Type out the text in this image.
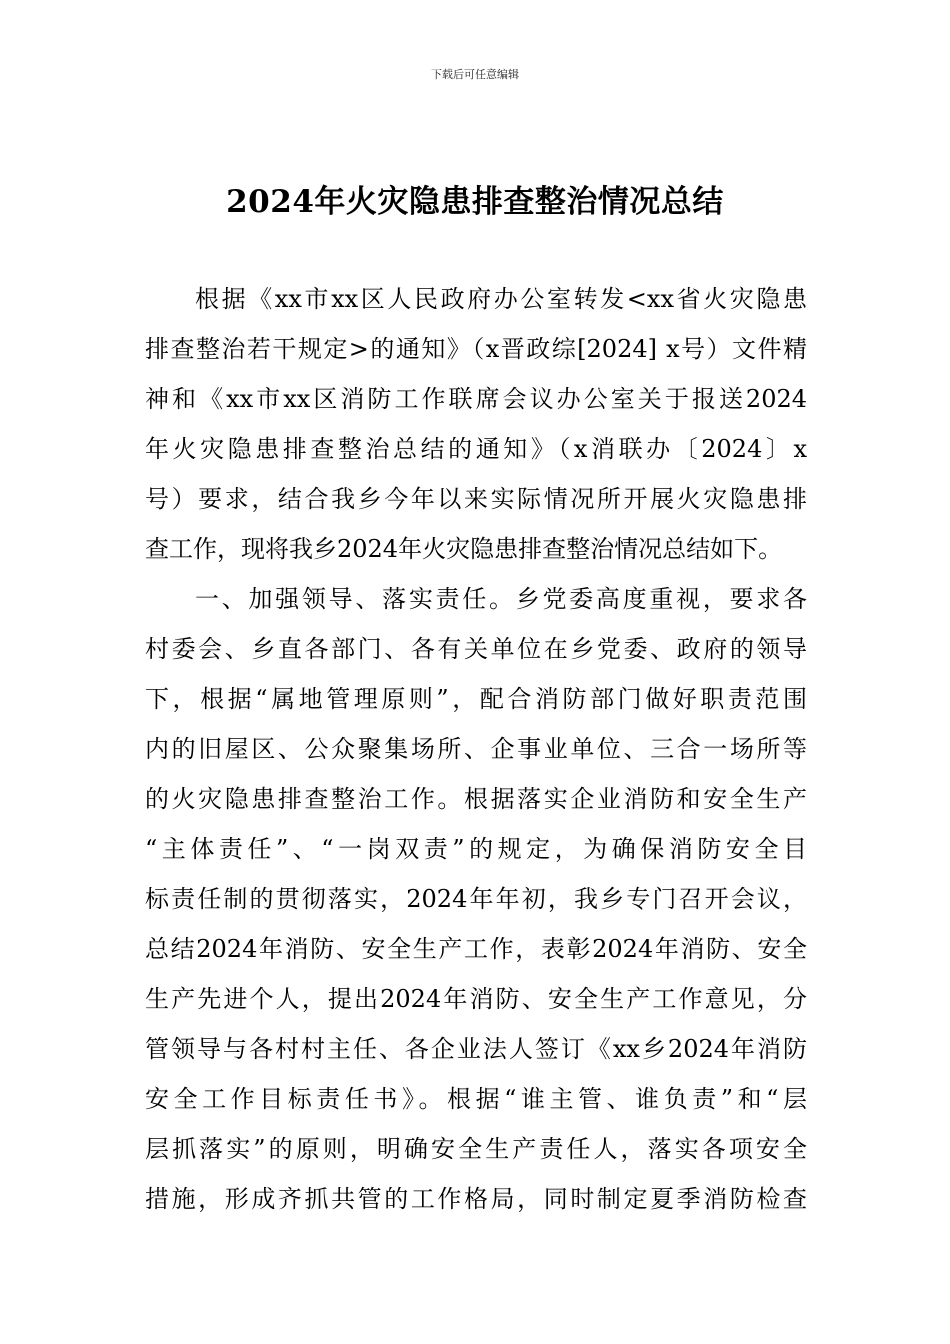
下载后可任意编辑
2024年火灾隐患排查整治情况总结
根据《xx市xx区人民政府办公室转发<xx省火灾隐患
排查整治若干规定>的通知》（x晋政综[2024] x号）文件精
神和《xx市xx区消防工作联席会议办公室关于报送2024
年火灾隐患排查整治总结的通知》（x消联办〔2024〕x
号）要求，结合我乡今年以来实际情况所开展火灾隐患排
查工作，现将我乡2024年火灾隐患排查整治情况总结如下。
一、加强领导、落实责任。乡党委高度重视，要求各
村委会、乡直各部门、各有关单位在乡党委、政府的领导
下，根据“属地管理原则”，配合消防部门做好职责范围
内的旧屋区、公众聚集场所、企事业单位、三合一场所等
的火灾隐患排查整治工作。根据落实企业消防和安全生产
“主体责任”、“一岗双责”的规定，为确保消防安全目
标责任制的贯彻落实，2024年年初，我乡专门召开会议，
总结2024年消防、安全生产工作，表彰2024年消防、安全
生产先进个人，提出2024年消防、安全生产工作意见，分
管领导与各村村主任、各企业法人签订《xx乡2024年消防
安全工作目标责任书》。根据“谁主管、谁负责”和“层
层抓落实”的原则，明确安全生产责任人，落实各项安全
措施，形成齐抓共管的工作格局，同时制定夏季消防检查
